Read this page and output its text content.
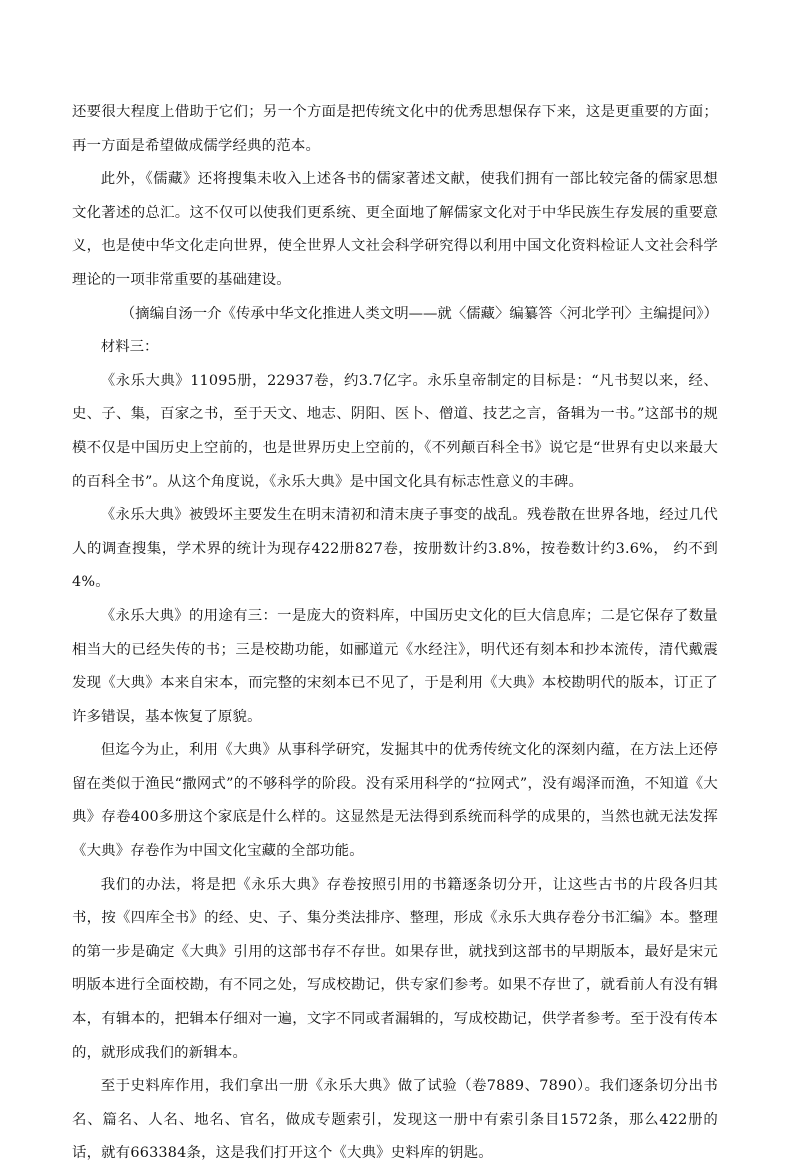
还要很大程度上借助于它们；另一个方面是把传统文化中的优秀思想保存下来，这是更重要的方面；再一方面是希望做成儒学经典的范本。

此外，《儒藏》还将搜集未收入上述各书的儒家著述文献，使我们拥有一部比较完备的儒家思想文化著述的总汇。这不仅可以使我们更系统、更全面地了解儒家文化对于中华民族生存发展的重要意义，也是使中华文化走向世界，使全世界人文社会科学研究得以利用中国文化资料检证人文社会科学理论的一项非常重要的基础建设。

（摘编自汤一介《传承中华文化推进人类文明——就〈儒藏〉编纂答〈河北学刊〉主编提问》）

材料三：

《永乐大典》11095册，22937卷，约3.7亿字。永乐皇帝制定的目标是：“凡书契以来，经、史、子、集，百家之书，至于天文、地志、阴阳、医卜、僧道、技艺之言，备辑为一书。”这部书的规模不仅是中国历史上空前的，也是世界历史上空前的，《不列颠百科全书》说它是“世界有史以来最大的百科全书”。从这个角度说，《永乐大典》是中国文化具有标志性意义的丰碑。

《永乐大典》被毁坏主要发生在明末清初和清末庚子事变的战乱。残卷散在世界各地，经过几代人的调查搜集，学术界的统计为现存422册827卷，按册数计约3.8%，按卷数计约3.6%， 约不到4%。

《永乐大典》的用途有三：一是庞大的资料库，中国历史文化的巨大信息库；二是它保存了数量相当大的已经失传的书；三是校勘功能，如郦道元《水经注》，明代还有刻本和抄本流传，清代戴震发现《大典》本来自宋本，而完整的宋刻本已不见了，于是利用《大典》本校勘明代的版本，订正了许多错误，基本恢复了原貌。

但迄今为止，利用《大典》从事科学研究，发掘其中的优秀传统文化的深刻内蕴，在方法上还停留在类似于渔民“撒网式”的不够科学的阶段。没有采用科学的“拉网式”，没有竭泽而渔，不知道《大典》存卷400多册这个家底是什么样的。这显然是无法得到系统而科学的成果的，当然也就无法发挥《大典》存卷作为中国文化宝藏的全部功能。

我们的办法，将是把《永乐大典》存卷按照引用的书籍逐条切分开，让这些古书的片段各归其书，按《四库全书》的经、史、子、集分类法排序、整理，形成《永乐大典存卷分书汇编》本。整理的第一步是确定《大典》引用的这部书存不存世。如果存世，就找到这部书的早期版本，最好是宋元明版本进行全面校勘，有不同之处，写成校勘记，供专家们参考。如果不存世了，就看前人有没有辑本，有辑本的，把辑本仔细对一遍，文字不同或者漏辑的，写成校勘记，供学者参考。至于没有传本的，就形成我们的新辑本。

至于史料库作用，我们拿出一册《永乐大典》做了试验（卷7889、7890）。我们逐条切分出书名、篇名、人名、地名、官名，做成专题索引，发现这一册中有索引条目1572条，那么422册的话，就有663384条，这是我们打开这个《大典》史料库的钥匙。
